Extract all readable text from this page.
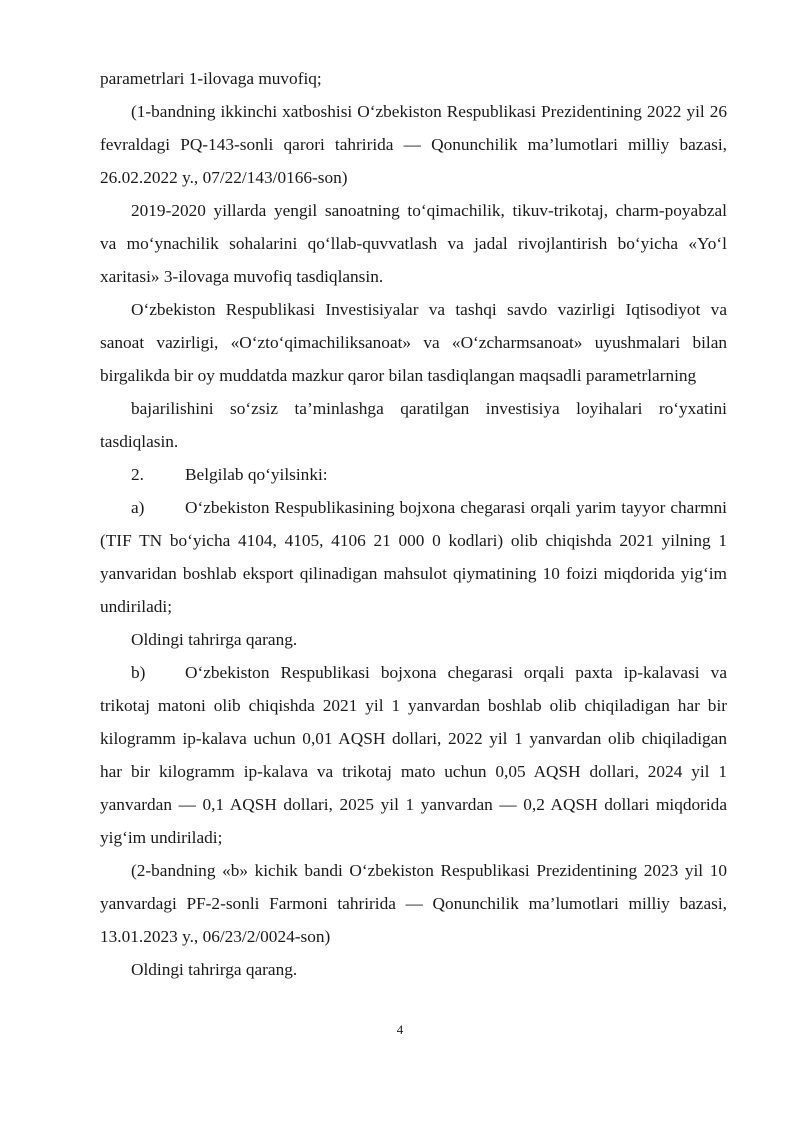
parametrlari 1-ilovaga muvofiq;

(1-bandning ikkinchi xatboshisi O‘zbekiston Respublikasi Prezidentining 2022 yil 26 fevraldagi PQ-143-sonli qarori tahririda — Qonunchilik ma’lumotlari milliy bazasi, 26.02.2022 y., 07/22/143/0166-son)

2019-2020 yillarda yengil sanoatning to‘qimachilik, tikuv-trikotaj, charm-poyabzal va mo‘ynachilik sohalarini qo‘llab-quvvatlash va jadal rivojlantirish bo‘yicha «Yo‘l xaritasi» 3-ilovaga muvofiq tasdiqlansin.

O‘zbekiston Respublikasi Investisiyalar va tashqi savdo vazirligi Iqtisodiyot va sanoat vazirligi, «O‘zto‘qimachiliksanoat» va «O‘zcharmsanoat» uyushmalari bilan birgalikda bir oy muddatda mazkur qaror bilan tasdiqlangan maqsadli parametrlarning

bajarilishini so‘zsiz ta’minlashga qaratilgan investisiya loyihalari ro‘yxatini tasdiqlasin.

2. Belgilab qo‘yilsinki:

a) O‘zbekiston Respublikasining bojxona chegarasi orqali yarim tayyor charmni (TIF TN bo‘yicha 4104, 4105, 4106 21 000 0 kodlari) olib chiqishda 2021 yilning 1 yanvaridan boshlab eksport qilinadigan mahsulot qiymatining 10 foizi miqdorida yig‘im undiriladi;

Oldingi tahrirga qarang.

b) O‘zbekiston Respublikasi bojxona chegarasi orqali paxta ip-kalavasi va trikotaj matoni olib chiqishda 2021 yil 1 yanvardan boshlab olib chiqiladigan har bir kilogramm ip-kalava uchun 0,01 AQSH dollari, 2022 yil 1 yanvardan olib chiqiladigan har bir kilogramm ip-kalava va trikotaj mato uchun 0,05 AQSH dollari, 2024 yil 1 yanvardan — 0,1 AQSH dollari, 2025 yil 1 yanvardan — 0,2 AQSH dollari miqdorida yig‘im undiriladi;

(2-bandning «b» kichik bandi O‘zbekiston Respublikasi Prezidentining 2023 yil 10 yanvardagi PF-2-sonli Farmoni tahririda — Qonunchilik ma’lumotlari milliy bazasi, 13.01.2023 y., 06/23/2/0024-son)

Oldingi tahrirga qarang.

4
